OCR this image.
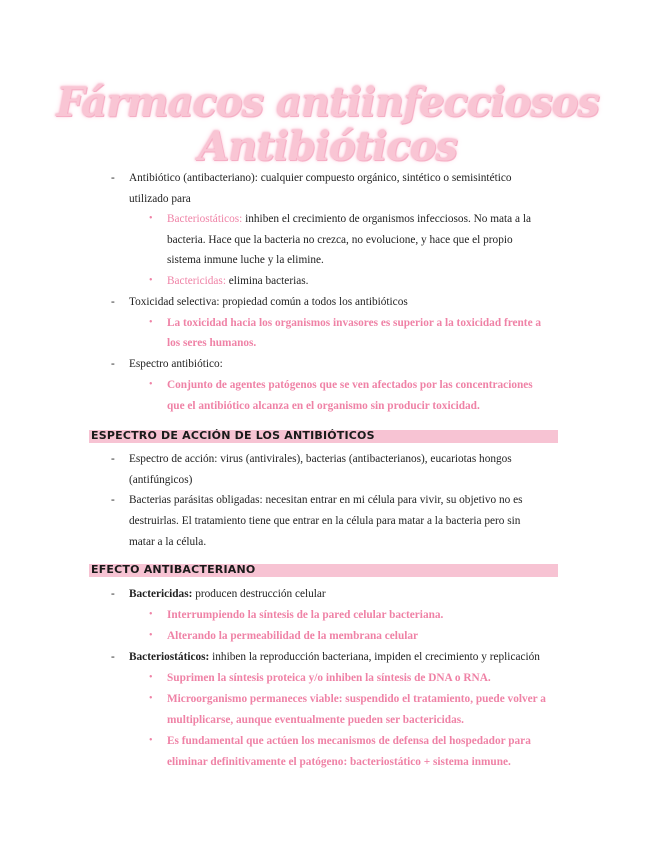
Fármacos antiinfecciosos
Antibióticos
- Antibiótico (antibacteriano): cualquier compuesto orgánico, sintético o semisintético
utilizado para
• Bacteriostáticos: inhiben el crecimiento de organismos infecciosos. No mata a la
bacteria. Hace que la bacteria no crezca, no evolucione, y hace que el propio
sistema inmune luche y la elimine.
• Bactericidas: elimina bacterias.
- Toxicidad selectiva: propiedad común a todos los antibióticos
• La toxicidad hacia los organismos invasores es superior a la toxicidad frente a
los seres humanos.
- Espectro antibiótico:
• Conjunto de agentes patógenos que se ven afectados por las concentraciones
que el antibiótico alcanza en el organismo sin producir toxicidad.
ESPECTRO DE ACCIÓN DE LOS ANTIBIÓTICOS
- Espectro de acción: virus (antivirales), bacterias (antibacterianos), eucariotas hongos
(antifúngicos)
- Bacterias parásitas obligadas: necesitan entrar en mi célula para vivir, su objetivo no es
destruirlas. El tratamiento tiene que entrar en la célula para matar a la bacteria pero sin
matar a la célula.
EFECTO ANTIBACTERIANO
- Bactericidas: producen destrucción celular
• Interrumpiendo la síntesis de la pared celular bacteriana.
• Alterando la permeabilidad de la membrana celular
- Bacteriostáticos: inhiben la reproducción bacteriana, impiden el crecimiento y replicación
• Suprimen la síntesis proteica y/o inhiben la síntesis de DNA o RNA.
• Microorganismo permaneces viable: suspendido el tratamiento, puede volver a
multiplicarse, aunque eventualmente pueden ser bactericidas.
• Es fundamental que actúen los mecanismos de defensa del hospedador para
eliminar definitivamente el patógeno: bacteriostático + sistema inmune.
